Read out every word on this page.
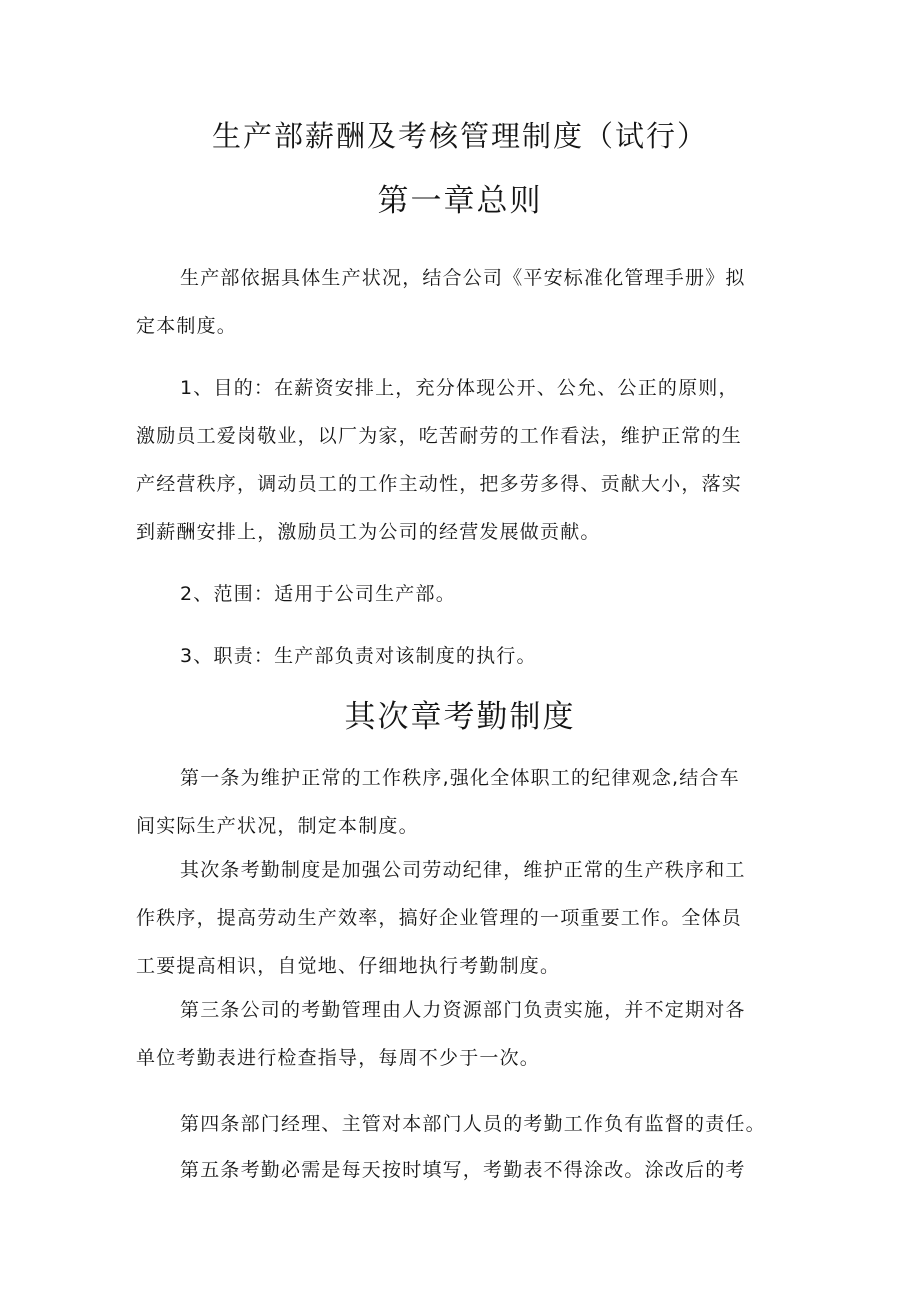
生产部薪酬及考核管理制度（试行）
第一章总则

生产部依据具体生产状况，结合公司《平安标准化管理手册》拟
定本制度。

1、目的：在薪资安排上，充分体现公开、公允、公正的原则，
激励员工爱岗敬业，以厂为家，吃苦耐劳的工作看法，维护正常的生
产经营秩序，调动员工的工作主动性，把多劳多得、贡献大小，落实
到薪酬安排上，激励员工为公司的经营发展做贡献。

2、范围：适用于公司生产部。

3、职责：生产部负责对该制度的执行。

其次章考勤制度

第一条为维护正常的工作秩序,强化全体职工的纪律观念,结合车
间实际生产状况，制定本制度。

其次条考勤制度是加强公司劳动纪律，维护正常的生产秩序和工
作秩序，提高劳动生产效率，搞好企业管理的一项重要工作。全体员
工要提高相识，自觉地、仔细地执行考勤制度。

第三条公司的考勤管理由人力资源部门负责实施，并不定期对各
单位考勤表进行检查指导，每周不少于一次。

第四条部门经理、主管对本部门人员的考勤工作负有监督的责任。

第五条考勤必需是每天按时填写，考勤表不得涂改。涂改后的考
